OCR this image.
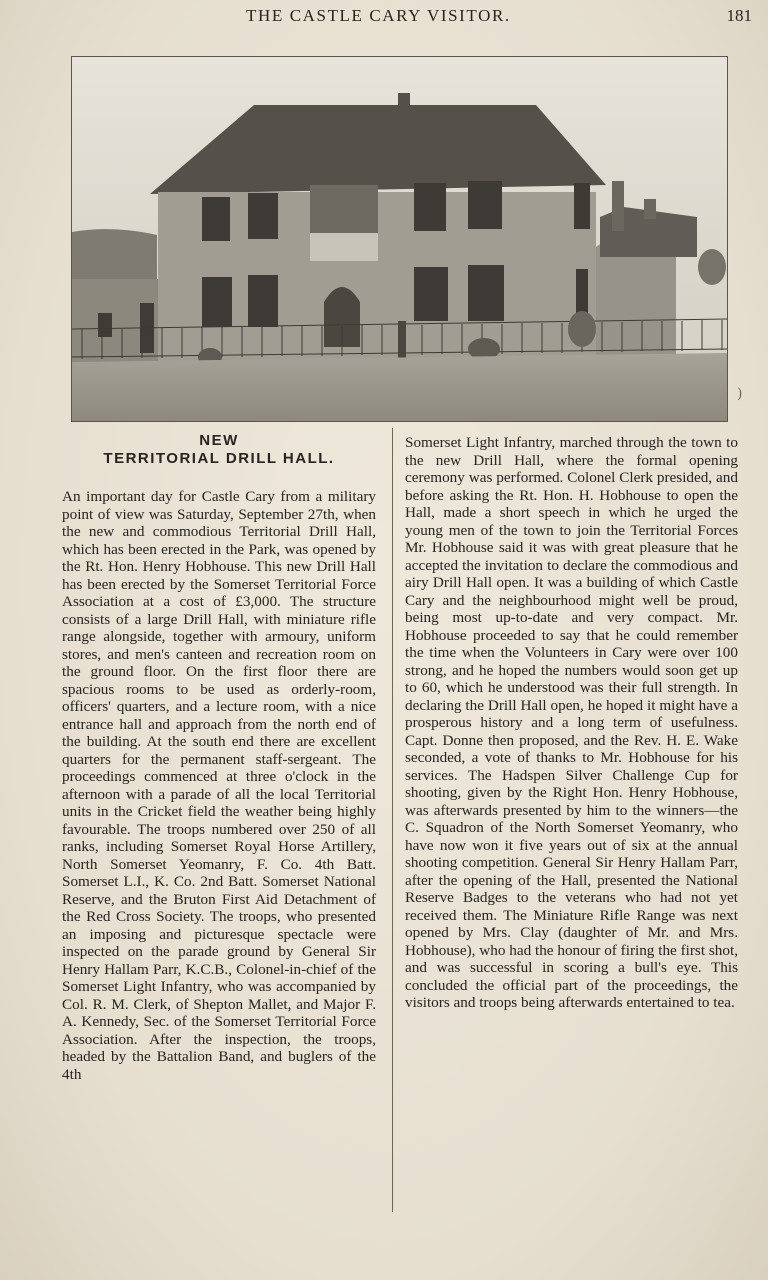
THE CASTLE CARY VISITOR.	181
NEW
TERRITORIAL DRILL HALL.

An important day for Castle Cary from a military point of view was Saturday, September 27th, when the new and commodious Territorial Drill Hall, which has been erected in the Park, was opened by the Rt. Hon. Henry Hobhouse. This new Drill Hall has been erected by the Somerset Territorial Force Association at a cost of £3,000. The structure consists of a large Drill Hall, with miniature rifle range alongside, together with armoury, uniform stores, and men's canteen and recreation room on the ground floor. On the first floor there are spacious rooms to be used as orderly-room, officers' quarters, and a lecture room, with a nice entrance hall and approach from the north end of the building. At the south end there are excellent quarters for the permanent staff-sergeant. The proceedings commenced at three o'clock in the afternoon with a parade of all the local Territorial units in the Cricket field the weather being highly favourable. The troops numbered over 250 of all ranks, including Somerset Royal Horse Artillery, North Somerset Yeomanry, F. Co. 4th Batt. Somerset L.I., K. Co. 2nd Batt. Somerset National Reserve, and the Bruton First Aid Detachment of the Red Cross Society. The troops, who presented an imposing and picturesque spectacle were inspected on the parade ground by General Sir Henry Hallam Parr, K.C.B., Colonel-in-chief of the Somerset Light Infantry, who was accompanied by Col. R. M. Clerk, of Shepton Mallet, and Major F. A. Kennedy, Sec. of the Somerset Territorial Force Association. After the inspection, the troops, headed by the Battalion Band, and buglers of the 4th

Somerset Light Infantry, marched through the town to the new Drill Hall, where the formal opening ceremony was performed. Colonel Clerk presided, and before asking the Rt. Hon. H. Hobhouse to open the Hall, made a short speech in which he urged the young men of the town to join the Territorial Forces Mr. Hobhouse said it was with great pleasure that he accepted the invitation to declare the commodious and airy Drill Hall open. It was a building of which Castle Cary and the neighbourhood might well be proud, being most up-to-date and very compact. Mr. Hobhouse proceeded to say that he could remember the time when the Volunteers in Cary were over 100 strong, and he hoped the numbers would soon get up to 60, which he understood was their full strength. In declaring the Drill Hall open, he hoped it might have a prosperous history and a long term of usefulness. Capt. Donne then proposed, and the Rev. H. E. Wake seconded, a vote of thanks to Mr. Hobhouse for his services. The Hadspen Silver Challenge Cup for shooting, given by the Right Hon. Henry Hobhouse, was afterwards presented by him to the winners—the C. Squadron of the North Somerset Yeomanry, who have now won it five years out of six at the annual shooting competition. General Sir Henry Hallam Parr, after the opening of the Hall, presented the National Reserve Badges to the veterans who had not yet received them. The Miniature Rifle Range was next opened by Mrs. Clay (daughter of Mr. and Mrs. Hobhouse), who had the honour of firing the first shot, and was successful in scoring a bull's eye. This concluded the official part of the proceedings, the visitors and troops being afterwards entertained to tea.

)
